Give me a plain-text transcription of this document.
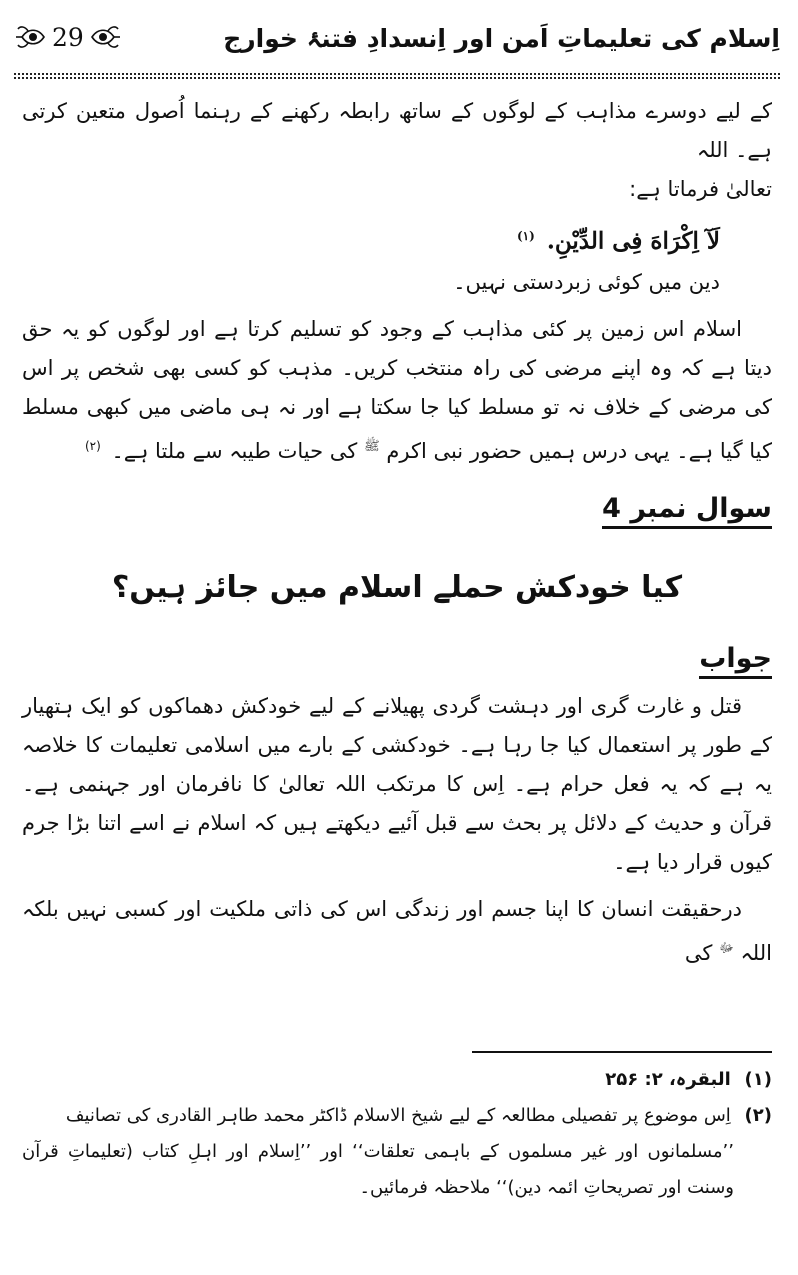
اِسلام کی تعلیماتِ اَمن اور اِنسدادِ فتنۂ خوارج
29

کے لیے دوسرے مذاہب کے لوگوں کے ساتھ رابطہ رکھنے کے رہنما اُصول متعین کرتی ہے۔ اللہ

تعالیٰ فرماتا ہے:

لَآ اِكْرَاهَ فِى الدِّيْنِ. $^{(۱)}$

دین میں کوئی زبردستی نہیں۔

اسلام اس زمین پر کئی مذاہب کے وجود کو تسلیم کرتا ہے اور لوگوں کو یہ حق دیتا ہے کہ وہ اپنے مرضی کی راہ منتخب کریں۔ مذہب کو کسی بھی شخص پر اس کی مرضی کے خلاف نہ تو مسلط کیا جا سکتا ہے اور نہ ہی ماضی میں کبھی مسلط کیا گیا ہے۔ یہی درس ہمیں حضور نبی اکرم $^ﷺ$ کی حیات طیبہ سے ملتا ہے۔ $^{(۲)}$

سوال نمبر 4

کیا خودکش حملے اسلام میں جائز ہیں؟

جواب

قتل و غارت گری اور دہشت گردی پھیلانے کے لیے خودکش دھماکوں کو ایک ہتھیار کے طور پر استعمال کیا جا رہا ہے۔ خودکشی کے بارے میں اسلامی تعلیمات کا خلاصہ یہ ہے کہ یہ فعل حرام ہے۔ اِس کا مرتکب اللہ تعالیٰ کا نافرمان اور جہنمی ہے۔ قرآن و حدیث کے دلائل پر بحث سے قبل آئیے دیکھتے ہیں کہ اسلام نے اسے اتنا بڑا جرم کیوں قرار دیا ہے۔

درحقیقت انسان کا اپنا جسم اور زندگی اس کی ذاتی ملکیت اور کسبی نہیں بلکہ اللہ $^ﷻ$ کی

(۱) البقرہ، ۲: ۲۵۶

(۲) اِس موضوع پر تفصیلی مطالعہ کے لیے شیخ الاسلام ڈاکٹر محمد طاہر القادری کی تصانیف
’’مسلمانوں اور غیر مسلموں کے باہمی تعلقات‘‘ اور ’’اِسلام اور اہلِ کتاب (تعلیماتِ قرآن وسنت اور تصریحاتِ ائمہ دین)‘‘ ملاحظہ فرمائیں۔
